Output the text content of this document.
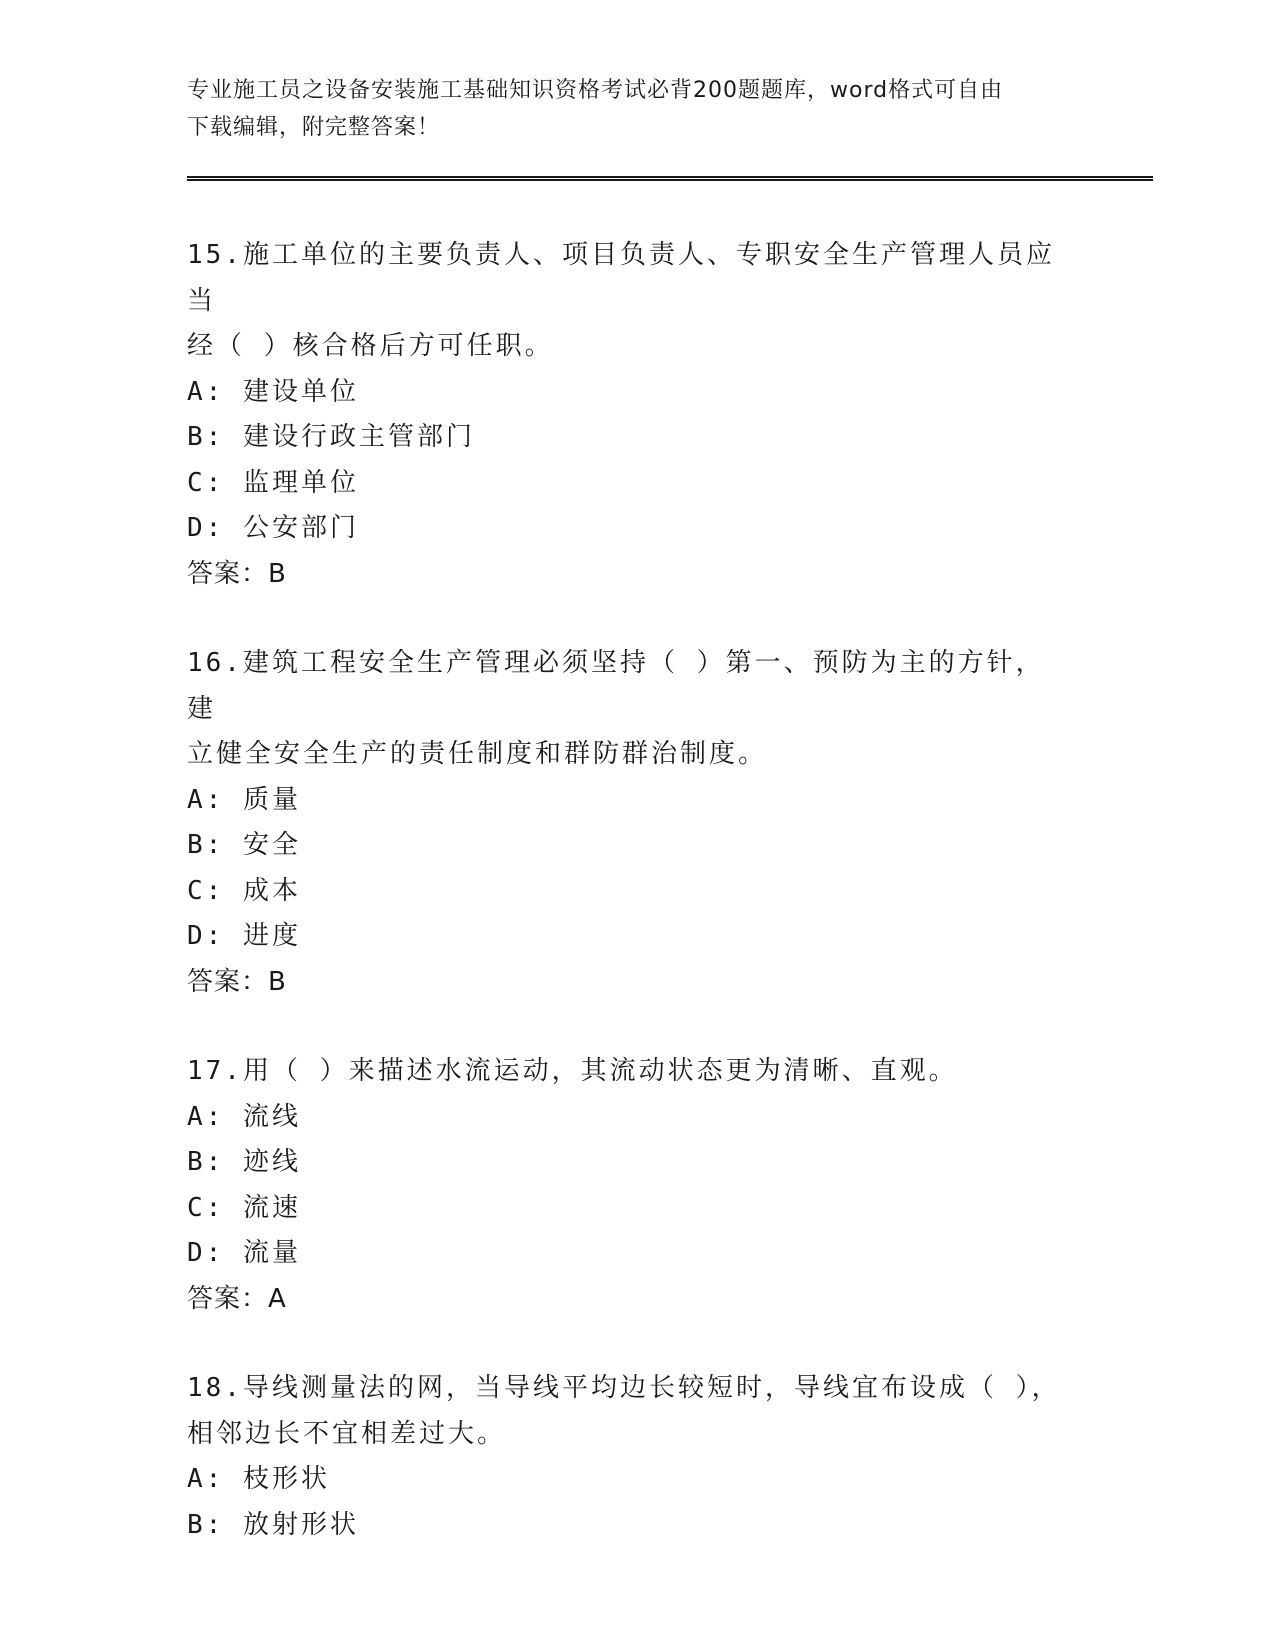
专业施工员之设备安装施工基础知识资格考试必背200题题库，word格式可自由
下载编辑，附完整答案！

15.施工单位的主要负责人、项目负责人、专职安全生产管理人员应当

经（ ）核合格后方可任职。

A: 建设单位

B: 建设行政主管部门

C: 监理单位

D: 公安部门

答案：B

16.建筑工程安全生产管理必须坚持（ ）第一、预防为主的方针，建

立健全安全生产的责任制度和群防群治制度。

A: 质量

B: 安全

C: 成本

D: 进度

答案：B

17.用（ ）来描述水流运动，其流动状态更为清晰、直观。

A: 流线

B: 迹线

C: 流速

D: 流量

答案：A

18.导线测量法的网，当导线平均边长较短时，导线宜布设成（ ），

相邻边长不宜相差过大。

A: 枝形状

B: 放射形状
